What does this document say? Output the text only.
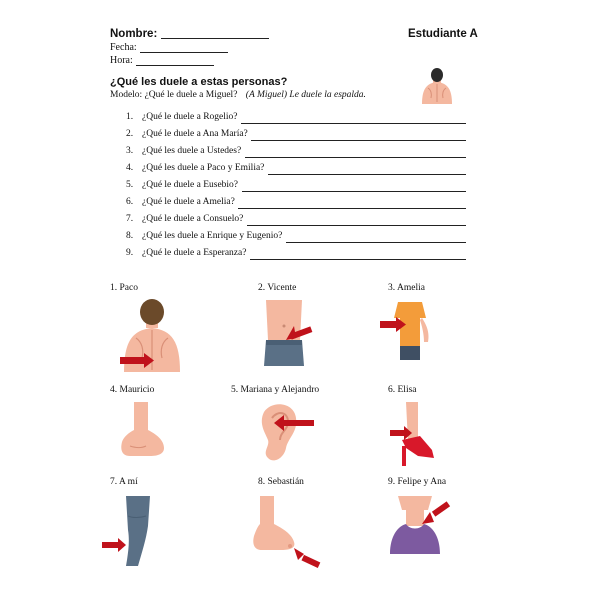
Nombre:	Estudiante A
Fecha:
Hora:
¿Qué les duele a estas personas?
Modelo: ¿Qué le duele a Miguel? (A Miguel) Le duele la espalda.
1. ¿Qué le duele a Rogelio?
2. ¿Qué le duele a Ana María?
3. ¿Qué les duele a Ustedes?
4. ¿Qué les duele a Paco y Emilia?
5. ¿Qué le duele a Eusebio?
6. ¿Qué le duele a Amelia?
7. ¿Qué le duele a Consuelo?
8. ¿Qué les duele a Enrique y Eugenio?
9. ¿Qué le duele a Esperanza?
1. Paco	2. Vicente	3. Amelia
4. Mauricio	5. Mariana y Alejandro	6. Elisa
7. A mí	8. Sebastián	9. Felipe y Ana
